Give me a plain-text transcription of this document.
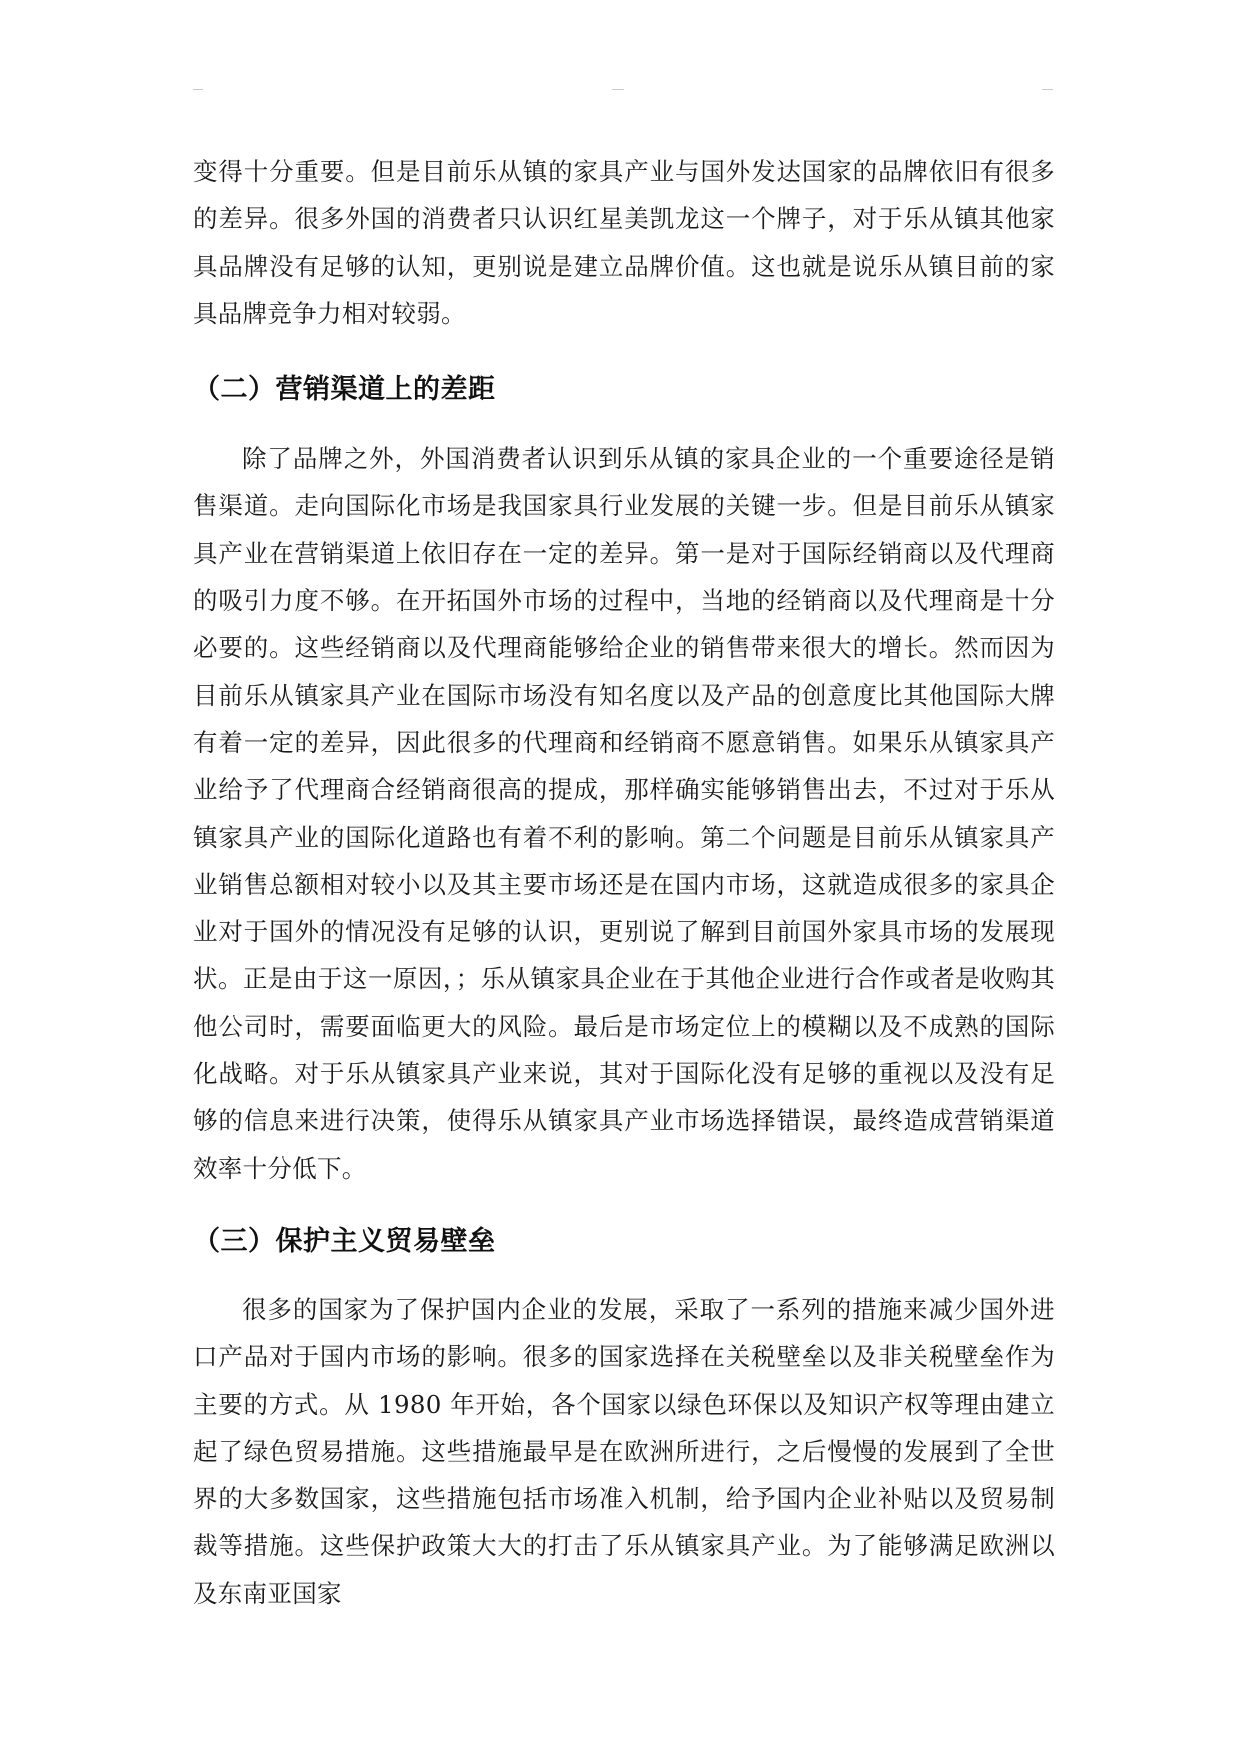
变得十分重要。但是目前乐从镇的家具产业与国外发达国家的品牌依旧有很多的差异。很多外国的消费者只认识红星美凯龙这一个牌子，对于乐从镇其他家具品牌没有足够的认知，更别说是建立品牌价值。这也就是说乐从镇目前的家具品牌竞争力相对较弱。

（二）营销渠道上的差距

除了品牌之外，外国消费者认识到乐从镇的家具企业的一个重要途径是销售渠道。走向国际化市场是我国家具行业发展的关键一步。但是目前乐从镇家具产业在营销渠道上依旧存在一定的差异。第一是对于国际经销商以及代理商的吸引力度不够。在开拓国外市场的过程中，当地的经销商以及代理商是十分必要的。这些经销商以及代理商能够给企业的销售带来很大的增长。然而因为目前乐从镇家具产业在国际市场没有知名度以及产品的创意度比其他国际大牌有着一定的差异，因此很多的代理商和经销商不愿意销售。如果乐从镇家具产业给予了代理商合经销商很高的提成，那样确实能够销售出去，不过对于乐从镇家具产业的国际化道路也有着不利的影响。第二个问题是目前乐从镇家具产业销售总额相对较小以及其主要市场还是在国内市场，这就造成很多的家具企业对于国外的情况没有足够的认识，更别说了解到目前国外家具市场的发展现状。正是由于这一原因，；乐从镇家具企业在于其他企业进行合作或者是收购其他公司时，需要面临更大的风险。最后是市场定位上的模糊以及不成熟的国际化战略。对于乐从镇家具产业来说，其对于国际化没有足够的重视以及没有足够的信息来进行决策，使得乐从镇家具产业市场选择错误，最终造成营销渠道效率十分低下。

（三）保护主义贸易壁垒

很多的国家为了保护国内企业的发展，采取了一系列的措施来减少国外进口产品对于国内市场的影响。很多的国家选择在关税壁垒以及非关税壁垒作为主要的方式。从 1980 年开始，各个国家以绿色环保以及知识产权等理由建立起了绿色贸易措施。这些措施最早是在欧洲所进行，之后慢慢的发展到了全世界的大多数国家，这些措施包括市场准入机制，给予国内企业补贴以及贸易制裁等措施。这些保护政策大大的打击了乐从镇家具产业。为了能够满足欧洲以及东南亚国家
